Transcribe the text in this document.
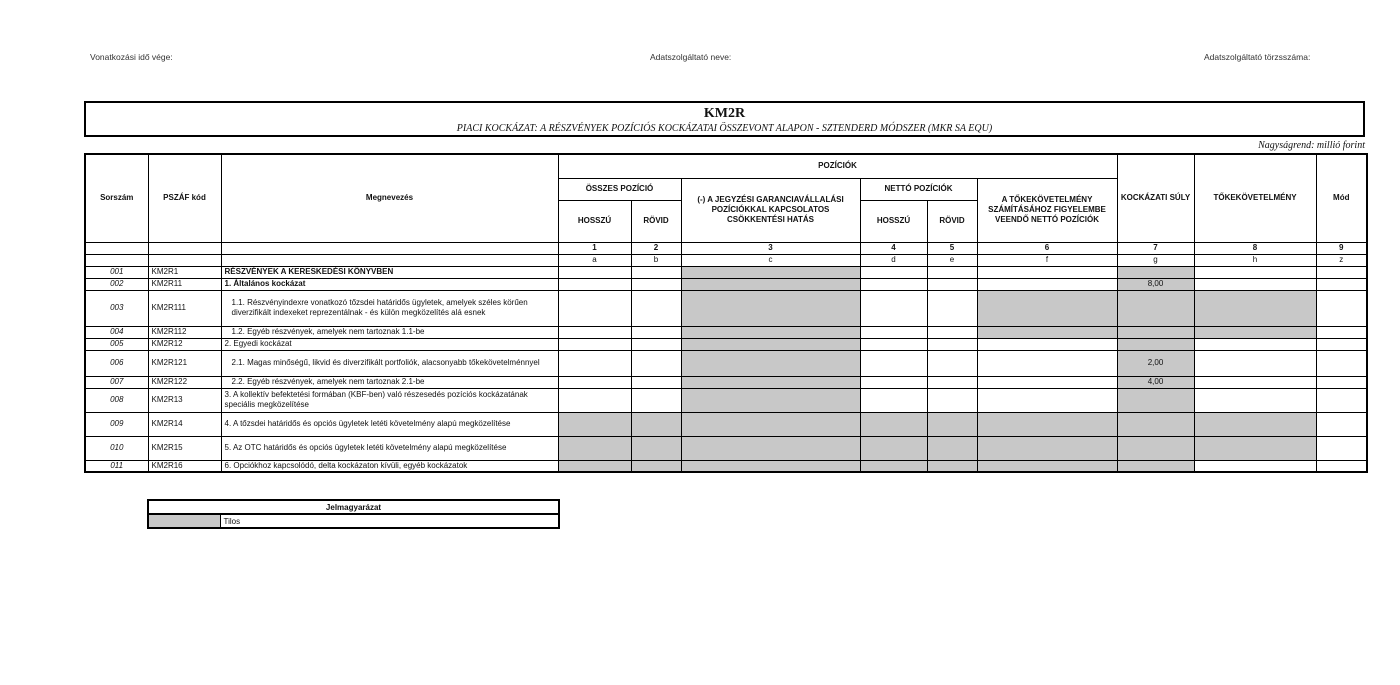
Vonatkozási idő vége:	Adatszolgáltató neve:	Adatszolgáltató törzsszáma:
KM2R
PIACI KOCKÁZAT: A RÉSZVÉNYEK POZÍCIÓS KOCKÁZATAI ÖSSZEVONT ALAPON - SZTENDERD MÓDSZER (MKR SA EQU)
Nagyságrend: millió forint
Sorszám	PSZÁF kód	Megnevezés	POZÍCIÓK						KOCKÁZATI SÚLY	TŐKEKÖVETELMÉNY	Mód
			ÖSSZES POZÍCIÓ		(-) A JEGYZÉSI GARANCIAVÁLLALÁSI POZÍCIÓKKAL KAPCSOLATOS CSÖKKENTÉSI HATÁS	NETTÓ POZÍCIÓK		A TŐKEKÖVETELMÉNY SZÁMÍTÁSÁHOZ FIGYELEMBE VEENDŐ NETTÓ POZÍCIÓK			
			HOSSZÚ	RÖVID		HOSSZÚ	RÖVID				
			1	2	3	4	5	6	7	8	9
			a	b	c	d	e	f	g	h	z
001	KM2R1	RÉSZVÉNYEK A KERESKEDÉSI KÖNYVBEN									
002	KM2R11	1. Általános kockázat							8,00		
003	KM2R111	1.1. Részvényindexre vonatkozó tőzsdei határidős ügyletek, amelyek széles körűen diverzifikált indexeket reprezentálnak - és külön megközelítés alá esnek									
004	KM2R112	1.2. Egyéb részvények, amelyek nem tartoznak 1.1-be									
005	KM2R12	2. Egyedi kockázat									
006	KM2R121	2.1. Magas minőségű, likvid és diverzifikált portfoliók, alacsonyabb tőkekövetelménnyel							2,00		
007	KM2R122	2.2. Egyéb részvények, amelyek nem tartoznak 2.1-be							4,00		
008	KM2R13	3. A kollektív befektetési formában (KBF-ben) való részesedés pozíciós kockázatának speciális megközelítése									
009	KM2R14	4. A tőzsdei határidős és opciós ügyletek letéti követelmény alapú megközelítése									
010	KM2R15	5. Az OTC határidős és opciós ügyletek letéti követelmény alapú megközelítése									
011	KM2R16	6. Opciókhoz kapcsolódó, delta kockázaton kívüli, egyéb kockázatok									
Jelmagyarázat
	Tilos
